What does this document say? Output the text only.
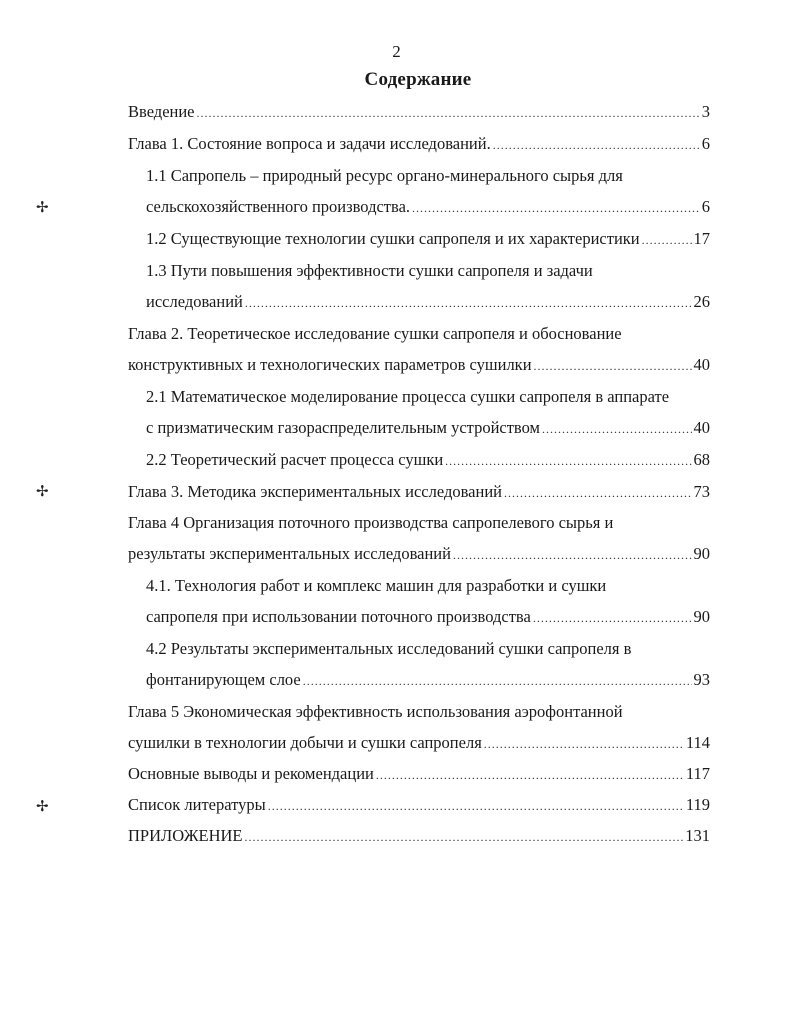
2
Содержание
Введение .....	3
Глава 1. Состояние вопроса и задачи исследований. .....	6
1.1 Сапропель – природный ресурс органо-минерального сырья для
сельскохозяйственного производства. .....	6
1.2 Существующие технологии сушки сапропеля и их характеристики .....	17
1.3 Пути повышения эффективности сушки сапропеля и задачи
исследований .....	26
Глава 2. Теоретическое исследование сушки сапропеля и обоснование
конструктивных и технологических параметров сушилки .....	40
2.1 Математическое моделирование процесса сушки сапропеля в аппарате
с призматическим газораспределительным устройством .....	40
2.2 Теоретический расчет процесса сушки .....	68
Глава 3. Методика экспериментальных исследований .....	73
Глава 4 Организация поточного производства сапропелевого сырья и
результаты экспериментальных исследований .....	90
4.1. Технология работ и комплекс машин для разработки и сушки
сапропеля при использовании поточного производства .....	90
4.2 Результаты экспериментальных исследований сушки сапропеля в
фонтанирующем слое .....	93
Глава 5 Экономическая эффективность использования аэрофонтанной
сушилки в технологии добычи и сушки сапропеля .....	114
Основные выводы и рекомендации .....	117
Список литературы .....	119
ПРИЛОЖЕНИЕ .....	131
✢
✢
✢
